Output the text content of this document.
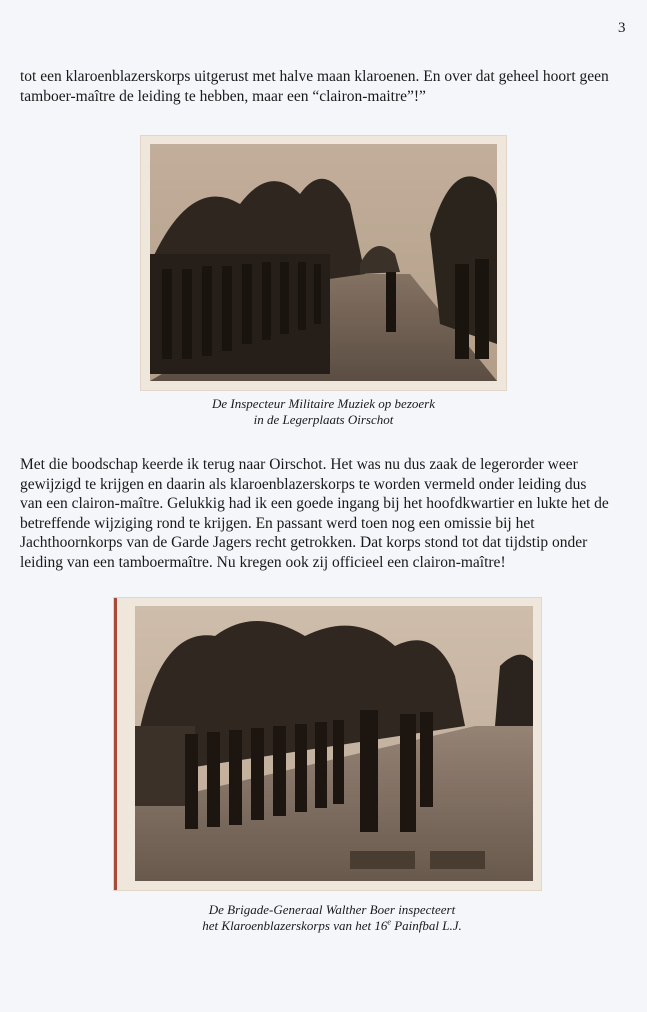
3

tot een klaroenblazerskorps uitgerust met halve maan klaroenen. En over dat geheel hoort geen tamboer-maître de leiding te hebben, maar een “clairon-maitre”!”

De Inspecteur Militaire Muziek op bezoerk
in de Legerplaats Oirschot

Met die boodschap keerde ik terug naar Oirschot. Het was nu dus zaak de legerorder weer gewijzigd te krijgen en daarin als klaroenblazerskorps te worden vermeld onder leiding dus van een clairon-maître. Gelukkig had ik een goede ingang bij het hoofdkwartier en lukte het de betreffende wijziging rond te krijgen. En passant werd toen nog een omissie bij het Jachthoornkorps van de Garde Jagers recht getrokken. Dat korps stond tot dat tijdstip onder leiding van een tamboermaître. Nu kregen ook zij officieel een clairon-maître!

De Brigade-Generaal Walther Boer inspecteert
het Klaroenblazerskorps van het 16e Painfbal L.J.
